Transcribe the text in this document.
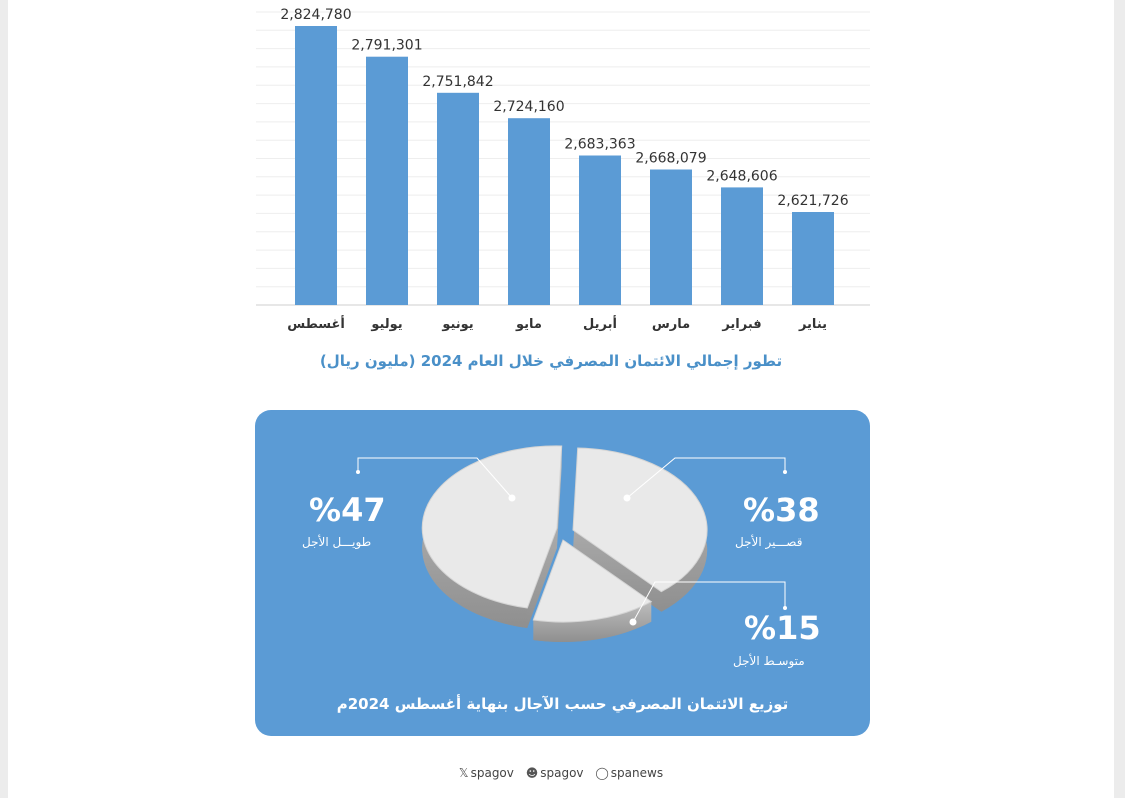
2,824,780
أغسطس
2,791,301
يوليو
2,751,842
يونيو
2,724,160
مايو
2,683,363
أبريل
2,668,079
مارس
2,648,606
فبراير
2,621,726
يناير
تطور إجمالي الائتمان المصرفي خلال العام 2024 (مليون ريال)
%38
قصـــير الأجل
%15
متوسـط الأجل
%47
طويـــل الأجل
توزيع الائتمان المصرفي حسب الآجال بنهاية أغسطس 2024م
𝕏 spagov
☻ spagov
◯ spanews
